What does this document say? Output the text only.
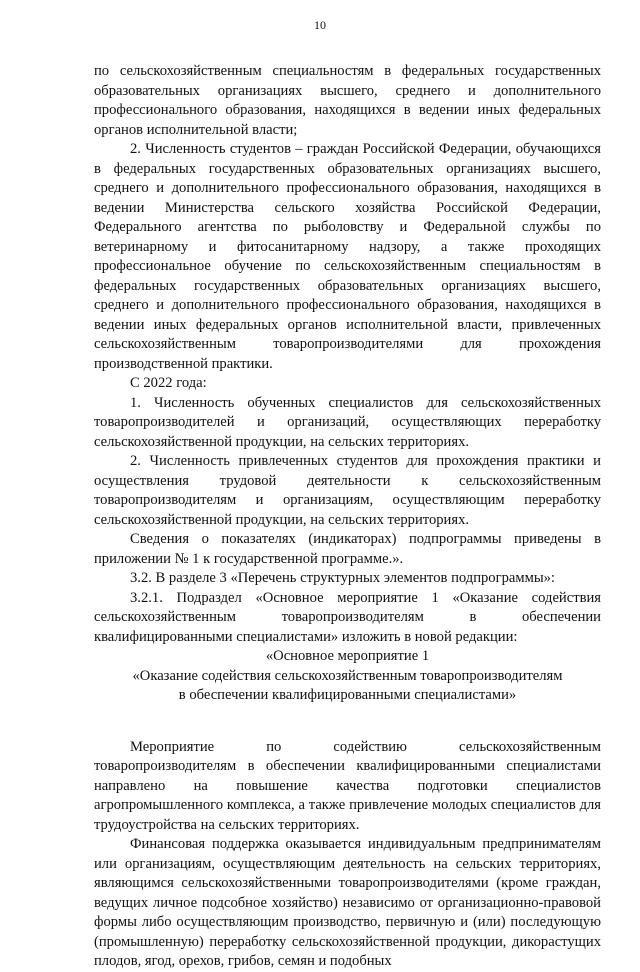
10

по сельскохозяйственным специальностям в федеральных государственных образовательных организациях высшего, среднего и дополнительного профессионального образования, находящихся в ведении иных федеральных органов исполнительной власти;

2. Численность студентов – граждан Российской Федерации, обучающихся в федеральных государственных образовательных организациях высшего, среднего и дополнительного профессионального образования, находящихся в ведении Министерства сельского хозяйства Российской Федерации, Федерального агентства по рыболовству и Федеральной службы по ветеринарному и фитосанитарному надзору, а также проходящих профессиональное обучение по сельскохозяйственным специальностям в федеральных государственных образовательных организациях высшего, среднего и дополнительного профессионального образования, находящихся в ведении иных федеральных органов исполнительной власти, привлеченных сельскохозяйственным товаропроизводителями для прохождения производственной практики.

С 2022 года:

1. Численность обученных специалистов для сельскохозяйственных товаропроизводителей и организаций, осуществляющих переработку сельскохозяйственной продукции, на сельских территориях.

2. Численность привлеченных студентов для прохождения практики и осуществления трудовой деятельности к сельскохозяйственным товаропроизводителям и организациям, осуществляющим переработку сельскохозяйственной продукции, на сельских территориях.

Сведения о показателях (индикаторах) подпрограммы приведены в приложении № 1 к государственной программе.».

3.2. В разделе 3 «Перечень структурных элементов подпрограммы»:

3.2.1. Подраздел «Основное мероприятие 1 «Оказание содействия сельскохозяйственным товаропроизводителям в обеспечении квалифицированными специалистами» изложить в новой редакции:

«Основное мероприятие 1

«Оказание содействия сельскохозяйственным товаропроизводителям

в обеспечении квалифицированными специалистами»

Мероприятие по содействию сельскохозяйственным товаропроизводителям в обеспечении квалифицированными специалистами направлено на повышение качества подготовки специалистов агропромышленного комплекса, а также привлечение молодых специалистов для трудоустройства на сельских территориях.

Финансовая поддержка оказывается индивидуальным предпринимателям или организациям, осуществляющим деятельность на сельских территориях, являющимся сельскохозяйственными товаропроизводителями (кроме граждан, ведущих личное подсобное хозяйство) независимо от организационно-правовой формы либо осуществляющим производство, первичную и (или) последующую (промышленную) переработку сельскохозяйственной продукции, дикорастущих плодов, ягод, орехов, грибов, семян и подобных
